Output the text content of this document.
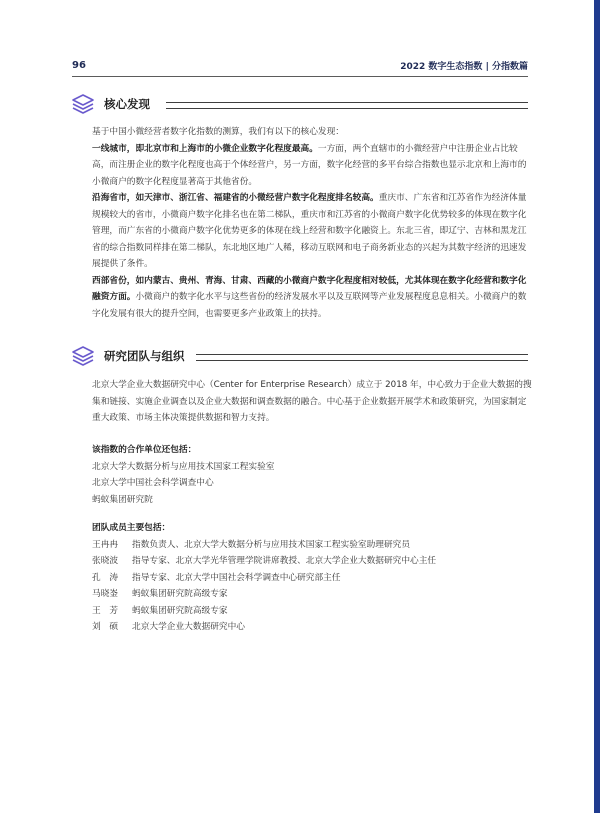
96	2022 数字生态指数 | 分指数篇
核心发现

基于中国小微经营者数字化指数的测算，我们有以下的核心发现：

一线城市，即北京市和上海市的小微企业数字化程度最高。一方面，两个直辖市的小微经营户中注册企业占比较高，而注册企业的数字化程度也高于个体经营户，另一方面，数字化经营的多平台综合指数也显示北京和上海市的小微商户的数字化程度显著高于其他省份。

沿海省市，如天津市、浙江省、福建省的小微经营户数字化程度排名较高。重庆市、广东省和江苏省作为经济体量规模较大的省市，小微商户数字化排名也在第二梯队，重庆市和江苏省的小微商户数字化优势较多的体现在数字化管理，而广东省的小微商户数字化优势更多的体现在线上经营和数字化融资上。东北三省，即辽宁、吉林和黑龙江省的综合指数同样排在第二梯队，东北地区地广人稀，移动互联网和电子商务新业态的兴起为其数字经济的迅速发展提供了条件。

西部省份，如内蒙古、贵州、青海、甘肃、西藏的小微商户数字化程度相对较低，尤其体现在数字化经营和数字化融资方面。小微商户的数字化水平与这些省份的经济发展水平以及互联网等产业发展程度息息相关。小微商户的数字化发展有很大的提升空间，也需要更多产业政策上的扶持。

研究团队与组织

北京大学企业大数据研究中心（Center for Enterprise Research）成立于 2018 年，中心致力于企业大数据的搜集和链接、实施企业调查以及企业大数据和调查数据的融合。中心基于企业数据开展学术和政策研究，为国家制定重大政策、市场主体决策提供数据和智力支持。

该指数的合作单位还包括：
北京大学大数据分析与应用技术国家工程实验室
北京大学中国社会科学调查中心
蚂蚁集团研究院
团队成员主要包括：
王冉冉	指数负责人、北京大学大数据分析与应用技术国家工程实验室助理研究员
张晓波	指导专家、北京大学光华管理学院讲席教授、北京大学企业大数据研究中心主任
孔　涛	指导专家、北京大学中国社会科学调查中心研究部主任
马晓崟	蚂蚁集团研究院高级专家
王　芳	蚂蚁集团研究院高级专家
刘　硕	北京大学企业大数据研究中心
